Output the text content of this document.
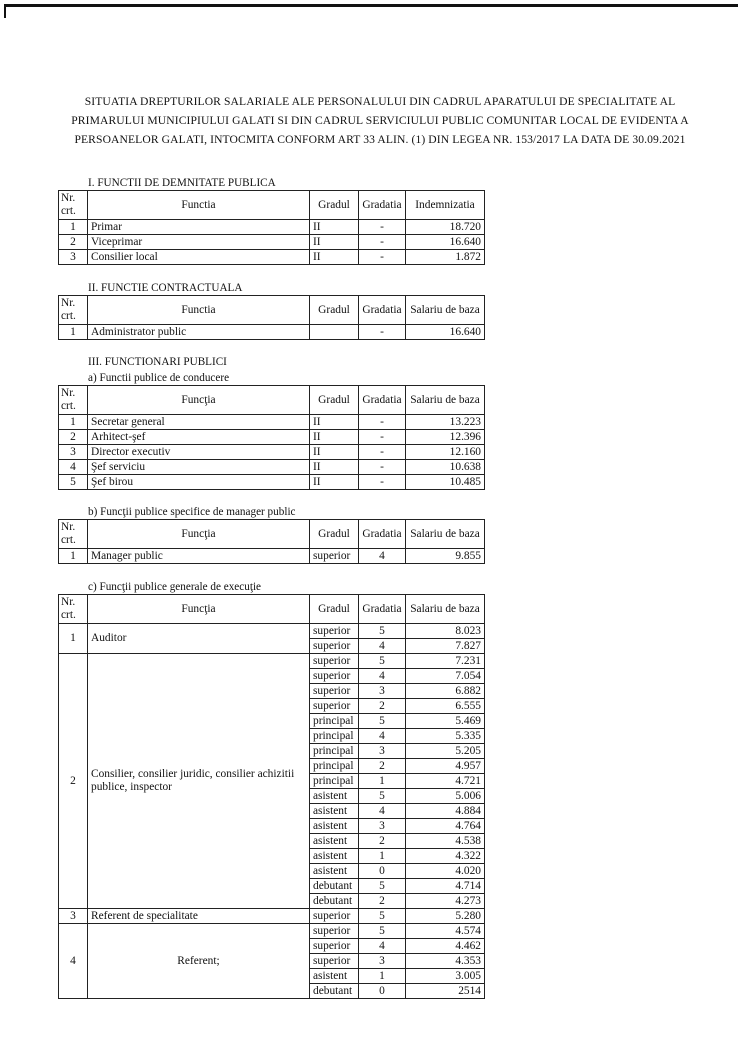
SITUATIA DREPTURILOR SALARIALE ALE PERSONALULUI DIN CADRUL APARATULUI DE SPECIALITATE AL PRIMARULUI MUNICIPIULUI GALATI SI DIN CADRUL SERVICIULUI PUBLIC COMUNITAR LOCAL DE EVIDENTA A PERSOANELOR GALATI, INTOCMITA CONFORM ART 33 ALIN. (1) DIN LEGEA NR. 153/2017 LA DATA DE 30.09.2021
I. FUNCTII DE DEMNITATE PUBLICA
Nr. crt.	Functia	Gradul	Gradatia	Indemnizatia
1	Primar	II	-	18.720
2	Viceprimar	II	-	16.640
3	Consilier local	II	-	1.872
II. FUNCTIE CONTRACTUALA
Nr. crt.	Functia	Gradul	Gradatia	Salariu de baza
1	Administrator public		-	16.640
III. FUNCTIONARI PUBLICI
a) Functii publice de conducere
Nr. crt.	Funcţia	Gradul	Gradatia	Salariu de baza
1	Secretar general	II	-	13.223
2	Arhitect-şef	II	-	12.396
3	Director executiv	II	-	12.160
4	Şef serviciu	II	-	10.638
5	Şef birou	II	-	10.485
b) Funcţii publice specifice de manager public
Nr. crt.	Funcţia	Gradul	Gradatia	Salariu de baza
1	Manager public	superior	4	9.855
c) Funcţii publice generale de execuţie
Nr. crt.	Funcţia	Gradul	Gradatia	Salariu de baza
1	Auditor	superior	5	8.023
		superior	4	7.827
2	Consilier, consilier juridic, consilier achizitii publice, inspector	superior	5	7.231
		superior	4	7.054
		superior	3	6.882
		superior	2	6.555
		principal	5	5.469
		principal	4	5.335
		principal	3	5.205
		principal	2	4.957
		principal	1	4.721
		asistent	5	5.006
		asistent	4	4.884
		asistent	3	4.764
		asistent	2	4.538
		asistent	1	4.322
		asistent	0	4.020
		debutant	5	4.714
		debutant	2	4.273
3	Referent de specialitate	superior	5	5.280
4	Referent;	superior	5	4.574
		superior	4	4.462
		superior	3	4.353
		asistent	1	3.005
		debutant	0	2514
